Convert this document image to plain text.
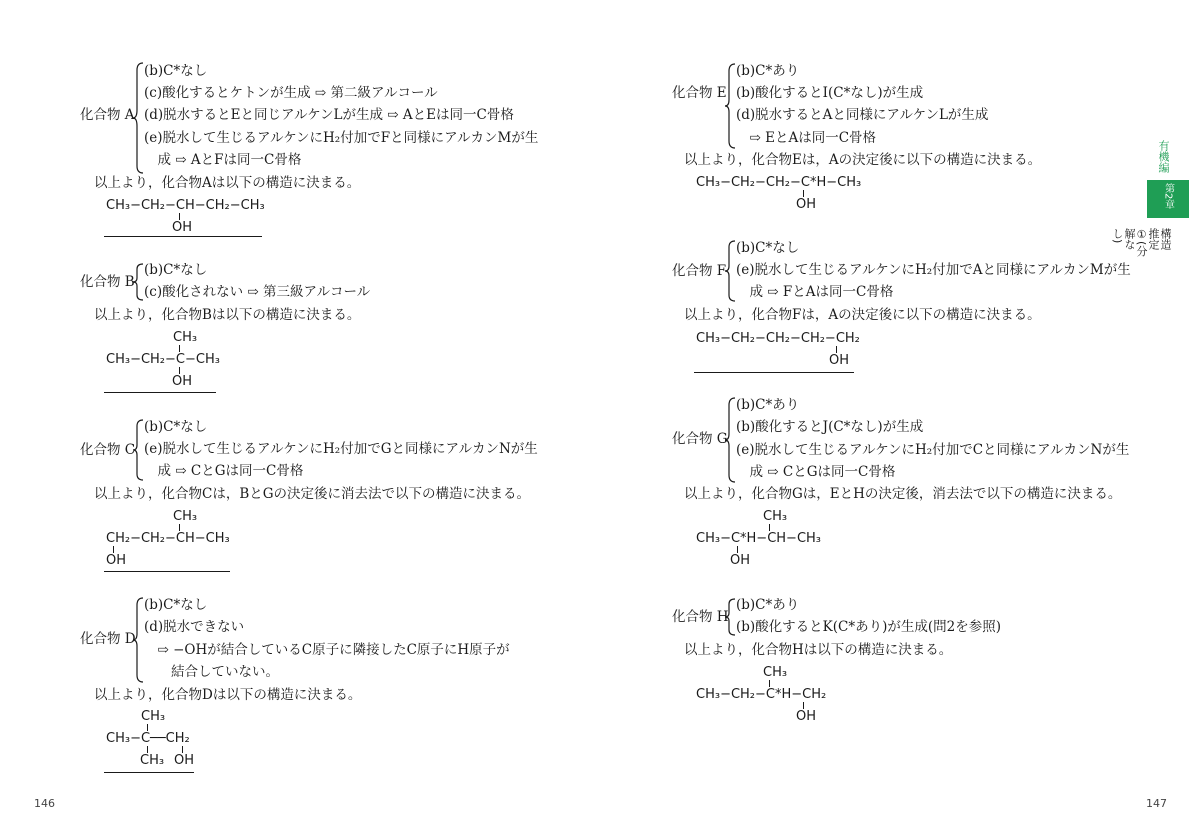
化合物 A
(b)C*なし
(c)酸化するとケトンが生成 ⇨ 第二級アルコール
(d)脱水するとEと同じアルケンLが生成 ⇨ AとEは同一C骨格
(e)脱水して生じるアルケンにH₂付加でFと同様にアルカンMが生
　成 ⇨ AとFは同一C骨格
以上より，化合物Aは以下の構造に決まる。

CH₃−CH₂−CH−CH₂−CH₃

OH

化合物 B
(b)C*なし
(c)酸化されない ⇨ 第三級アルコール
以上より，化合物Bは以下の構造に決まる。

CH₃

CH₃−CH₂−C−CH₃

OH

化合物 C
(b)C*なし
(e)脱水して生じるアルケンにH₂付加でGと同様にアルカンNが生
　成 ⇨ CとGは同一C骨格
以上より，化合物Cは，BとGの決定後に消去法で以下の構造に決まる。

CH₃

CH₂−CH₂−CH−CH₃

OH

化合物 D
(b)C*なし
(d)脱水できない
　⇨ −OHが結合しているC原子に隣接したC原子にH原子が
　　結合していない。
以上より，化合物Dは以下の構造に決まる。

CH₃

CH₃−C──CH₂

CH₃

OH

146
化合物 E
(b)C*あり
(b)酸化するとI(C*なし)が生成
(d)脱水するとAと同様にアルケンLが生成
　⇨ EとAは同一C骨格
以上より，化合物Eは，Aの決定後に以下の構造に決まる。

CH₃−CH₂−CH₂−C*H−CH₃

OH

化合物 F
(b)C*なし
(e)脱水して生じるアルケンにH₂付加でAと同様にアルカンMが生
　成 ⇨ FとAは同一C骨格
以上より，化合物Fは，Aの決定後に以下の構造に決まる。

CH₃−CH₂−CH₂−CH₂−CH₂

OH

化合物 G
(b)C*あり
(b)酸化するとJ(C*なし)が生成
(e)脱水して生じるアルケンにH₂付加でCと同様にアルカンNが生
　成 ⇨ CとGは同一C骨格
以上より，化合物Gは，EとHの決定後，消去法で以下の構造に決まる。

CH₃

CH₃−C*H−CH−CH₃

OH

化合物 H
(b)C*あり
(b)酸化するとK(C*あり)が生成(問2を参照)
以上より，化合物Hは以下の構造に決まる。

CH₃

CH₃−CH₂−C*H−CH₂

OH

147
有機編
第2章
構造推定①(分解なし)
